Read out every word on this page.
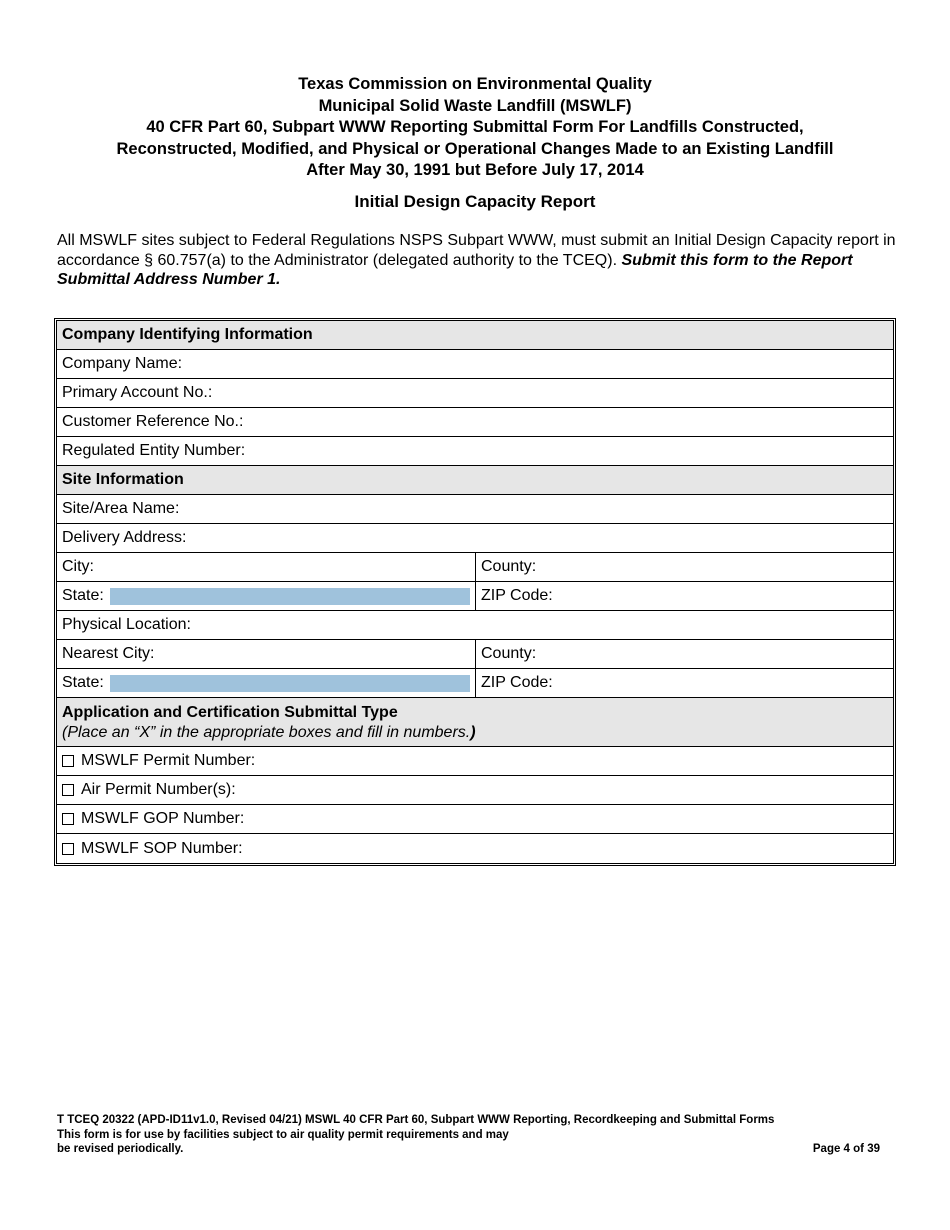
Texas Commission on Environmental Quality
Municipal Solid Waste Landfill (MSWLF)
40 CFR Part 60, Subpart WWW Reporting Submittal Form For Landfills Constructed,
Reconstructed, Modified, and Physical or Operational Changes Made to an Existing Landfill
After May 30, 1991 but Before July 17, 2014
Initial Design Capacity Report
All MSWLF sites subject to Federal Regulations NSPS Subpart WWW, must submit an Initial Design Capacity report in accordance § 60.757(a) to the Administrator (delegated authority to the TCEQ). Submit this form to the Report Submittal Address Number 1.
Company Identifying Information
Company Name:
Primary Account No.:
Customer Reference No.:
Regulated Entity Number:
Site Information
Site/Area Name:
Delivery Address:
City:	County:
State:	ZIP Code:
Physical Location:
Nearest City:	County:
State:	ZIP Code:
Application and Certification Submittal Type
(Place an “X” in the appropriate boxes and fill in numbers.)
MSWLF Permit Number:
Air Permit Number(s):
MSWLF GOP Number:
MSWLF SOP Number:
T TCEQ 20322 (APD-ID11v1.0, Revised 04/21) MSWL 40 CFR Part 60, Subpart WWW Reporting, Recordkeeping and Submittal Forms
This form is for use by facilities subject to air quality permit requirements and may
be revised periodically.	Page 4 of 39
